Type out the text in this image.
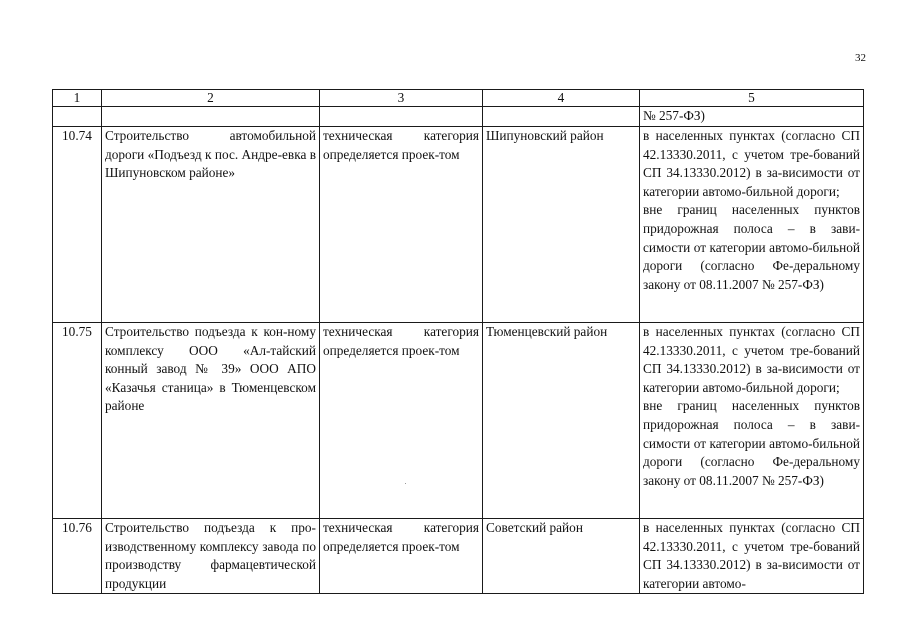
32
1	2	3	4	5
				№ 257-ФЗ)
10.74	Строительство автомобильной дороги «Подъезд к пос. Андре-евка в Шипуновском районе»	техническая категория определяется проек-том	Шипуновский район	в населенных пунктах (согласно СП 42.13330.2011, с учетом тре-бований СП 34.13330.2012) в за-висимости от категории автомо-бильной дороги;
вне границ населенных пунктов придорожная полоса – в зави-симости от категории автомо-бильной дороги (согласно Фе-деральному закону от 08.11.2007 № 257-ФЗ)
10.75	Строительство подъезда к кон-ному комплексу ООО «Ал-тайский конный завод № 39» ООО АПО «Казачья станица» в Тюменцевском районе	техническая категория определяется проек-том	Тюменцевский район	в населенных пунктах (согласно СП 42.13330.2011, с учетом тре-бований СП 34.13330.2012) в за-висимости от категории автомо-бильной дороги;
вне границ населенных пунктов придорожная полоса – в зави-симости от категории автомо-бильной дороги (согласно Фе-деральному закону от 08.11.2007 № 257-ФЗ)
10.76	Строительство подъезда к про-изводственному комплексу завода по производству фармацевтической продукции	техническая категория определяется проек-том	Советский район	в населенных пунктах (согласно СП 42.13330.2011, с учетом тре-бований СП 34.13330.2012) в за-висимости от категории автомо-
